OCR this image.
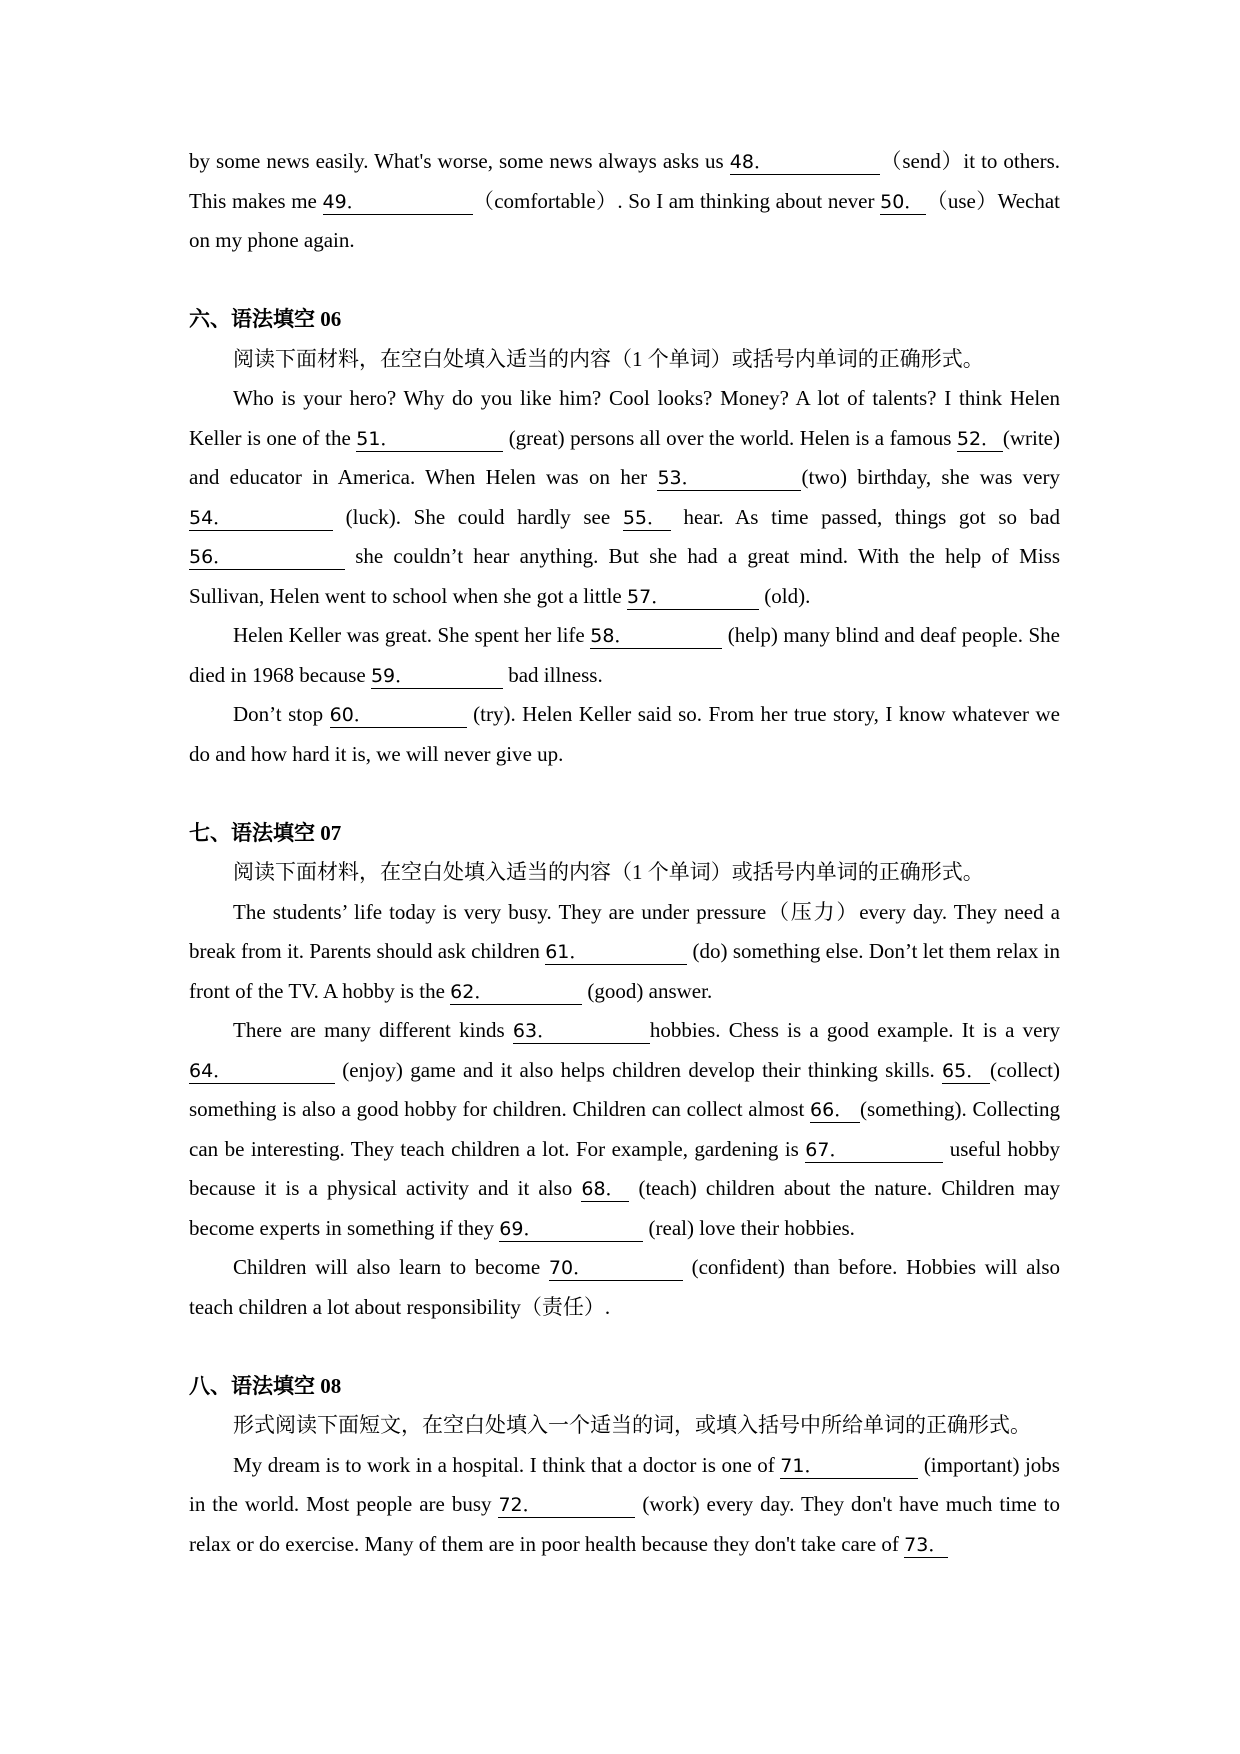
by some news easily. What's worse, some news always asks us 48．	（send）it to others. This makes me 49．	（comfortable）. So I am thinking about never 50． （use）Wechat on my phone again.

六、语法填空 06

阅读下面材料，在空白处填入适当的内容（1 个单词）或括号内单词的正确形式。

Who is your hero? Why do you like him? Cool looks? Money? A lot of talents? I think Helen Keller is one of the 51．	(great) persons all over the world. Helen is a famous 52． (write) and educator in America. When Helen was on her 53．	(two) birthday, she was very 54．	(luck). She could hardly see 55． hear. As time passed, things got so bad 56．	she couldn’t hear anything. But she had a great mind. With the help of Miss Sullivan, Helen went to school when she got a little 57．	(old).

Helen Keller was great. She spent her life 58．	(help) many blind and deaf people. She died in 1968 because 59．	bad illness.

Don’t stop 60．	(try). Helen Keller said so. From her true story, I know whatever we do and how hard it is, we will never give up.

七、语法填空 07

阅读下面材料，在空白处填入适当的内容（1 个单词）或括号内单词的正确形式。

The students’ life today is very busy. They are under pressure（压力）every day. They need a break from it. Parents should ask children 61．	(do) something else. Don’t let them relax in front of the TV. A hobby is the 62．	(good) answer.

There are many different kinds 63．	hobbies. Chess is a good example. It is a very 64．	(enjoy) game and it also helps children develop their thinking skills. 65． (collect) something is also a good hobby for children. Children can collect almost 66． (something). Collecting can be interesting. They teach children a lot. For example, gardening is 67．	useful hobby because it is a physical activity and it also 68． (teach) children about the nature. Children may become experts in something if they 69．	(real) love their hobbies.

Children will also learn to become 70．	(confident) than before. Hobbies will also teach children a lot about responsibility（责任）.

八、语法填空 08

形式阅读下面短文，在空白处填入一个适当的词，或填入括号中所给单词的正确形式。

My dream is to work in a hospital. I think that a doctor is one of 71．	(important) jobs in the world. Most people are busy 72．	(work) every day. They don't have much time to relax or do exercise. Many of them are in poor health because they don't take care of 73．
